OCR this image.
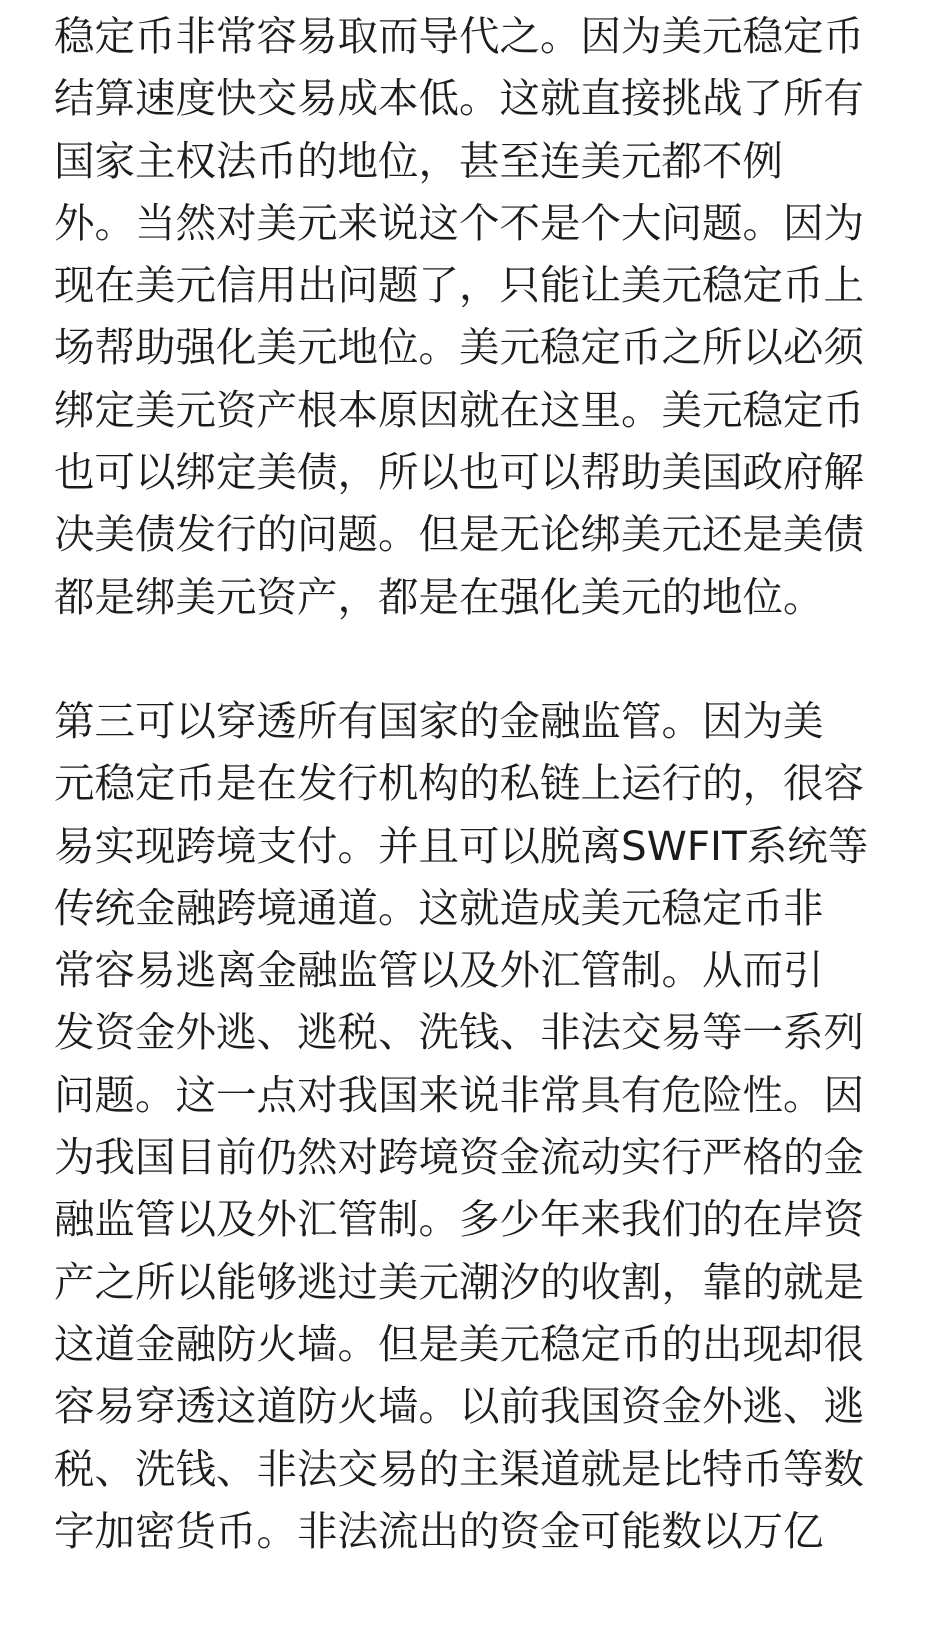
稳定币非常容易取而导代之。因为美元稳定币
结算速度快交易成本低。这就直接挑战了所有
国家主权法币的地位，甚至连美元都不例
外。当然对美元来说这个不是个大问题。因为
现在美元信用出问题了，只能让美元稳定币上
场帮助强化美元地位。美元稳定币之所以必须
绑定美元资产根本原因就在这里。美元稳定币
也可以绑定美债，所以也可以帮助美国政府解
决美债发行的问题。但是无论绑美元还是美债
都是绑美元资产，都是在强化美元的地位。

第三可以穿透所有国家的金融监管。因为美
元稳定币是在发行机构的私链上运行的，很容
易实现跨境支付。并且可以脱离SWFIT系统等
传统金融跨境通道。这就造成美元稳定币非
常容易逃离金融监管以及外汇管制。从而引
发资金外逃、逃税、洗钱、非法交易等一系列
问题。这一点对我国来说非常具有危险性。因
为我国目前仍然对跨境资金流动实行严格的金
融监管以及外汇管制。多少年来我们的在岸资
产之所以能够逃过美元潮汐的收割，靠的就是
这道金融防火墙。但是美元稳定币的出现却很
容易穿透这道防火墙。以前我国资金外逃、逃
税、洗钱、非法交易的主渠道就是比特币等数
字加密货币。非法流出的资金可能数以万亿
